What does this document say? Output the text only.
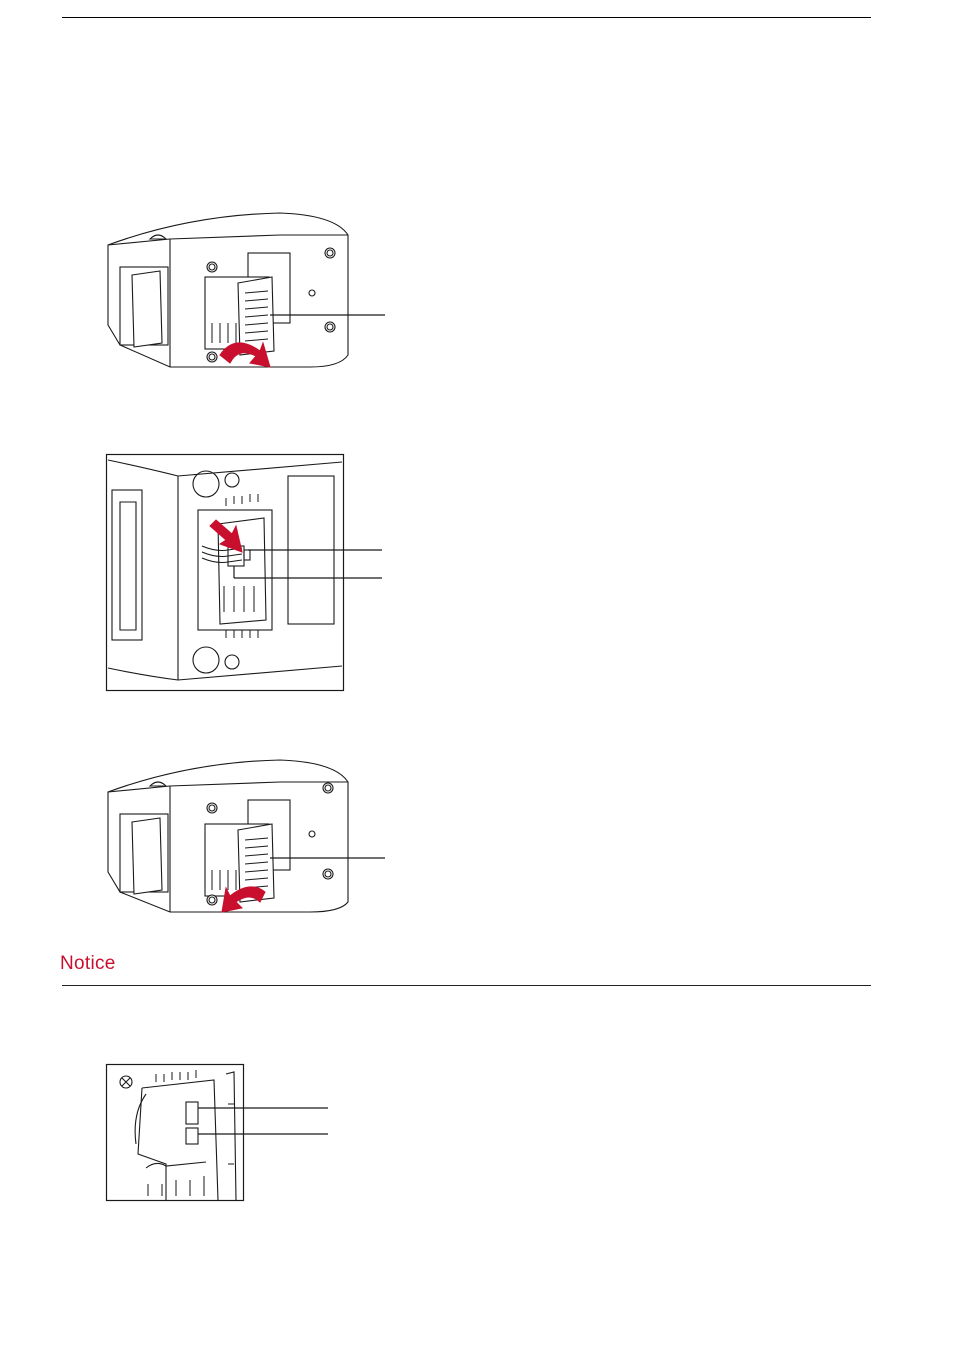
Notice
